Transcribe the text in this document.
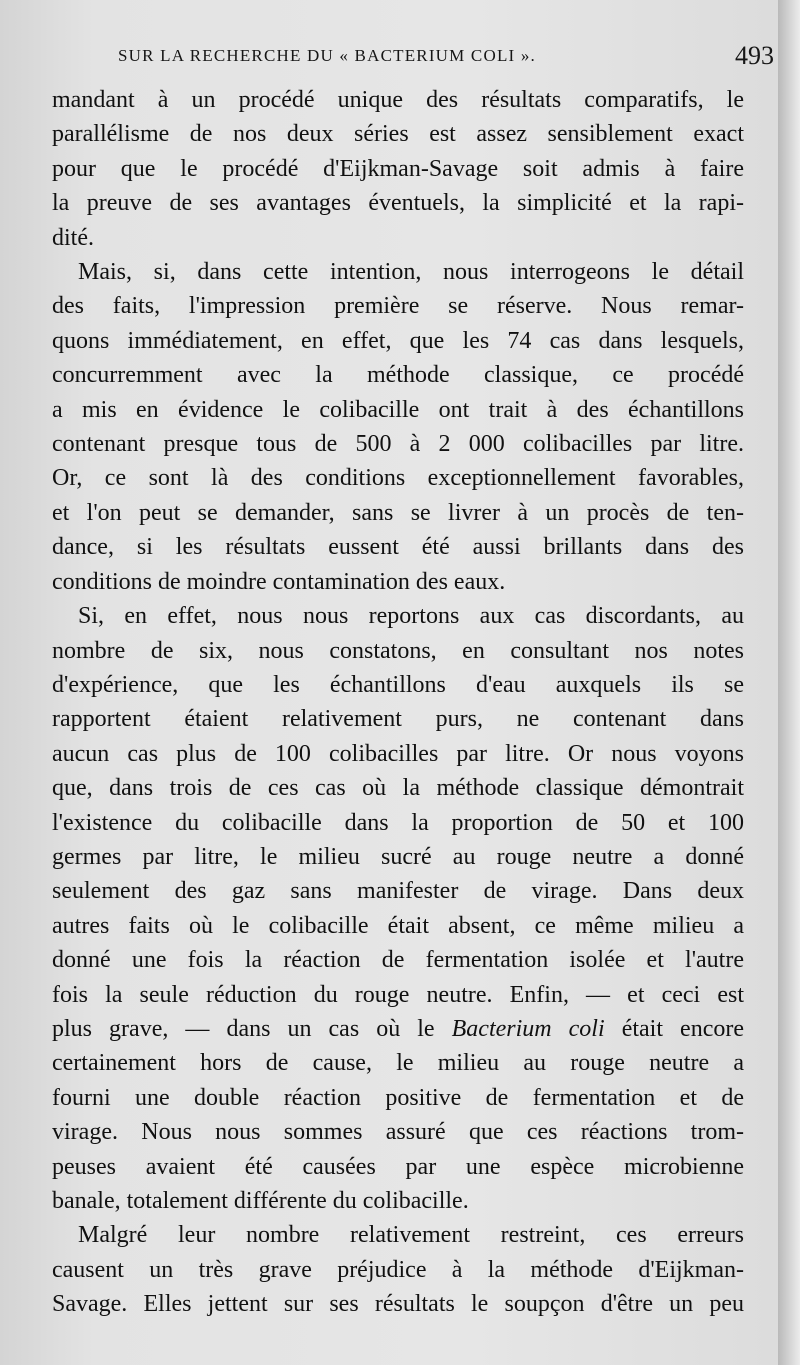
SUR LA RECHERCHE DU « BACTERIUM COLI ».	493
mandant à un procédé unique des résultats comparatifs, le
parallélisme de nos deux séries est assez sensiblement exact
pour que le procédé d'Eijkman-Savage soit admis à faire
la preuve de ses avantages éventuels, la simplicité et la rapi-
dité.
Mais, si, dans cette intention, nous interrogeons le détail
des faits, l'impression première se réserve. Nous remar-
quons immédiatement, en effet, que les 74 cas dans lesquels,
concurremment avec la méthode classique, ce procédé
a mis en évidence le colibacille ont trait à des échantillons
contenant presque tous de 500 à 2 000 colibacilles par litre.
Or, ce sont là des conditions exceptionnellement favorables,
et l'on peut se demander, sans se livrer à un procès de ten-
dance, si les résultats eussent été aussi brillants dans des
conditions de moindre contamination des eaux.
Si, en effet, nous nous reportons aux cas discordants, au
nombre de six, nous constatons, en consultant nos notes
d'expérience, que les échantillons d'eau auxquels ils se
rapportent étaient relativement purs, ne contenant dans
aucun cas plus de 100 colibacilles par litre. Or nous voyons
que, dans trois de ces cas où la méthode classique démontrait
l'existence du colibacille dans la proportion de 50 et 100
germes par litre, le milieu sucré au rouge neutre a donné
seulement des gaz sans manifester de virage. Dans deux
autres faits où le colibacille était absent, ce même milieu a
donné une fois la réaction de fermentation isolée et l'autre
fois la seule réduction du rouge neutre. Enfin, — et ceci est
plus grave, — dans un cas où le Bacterium coli était encore
certainement hors de cause, le milieu au rouge neutre a
fourni une double réaction positive de fermentation et de
virage. Nous nous sommes assuré que ces réactions trom-
peuses avaient été causées par une espèce microbienne
banale, totalement différente du colibacille.
Malgré leur nombre relativement restreint, ces erreurs
causent un très grave préjudice à la méthode d'Eijkman-
Savage. Elles jettent sur ses résultats le soupçon d'être un peu
